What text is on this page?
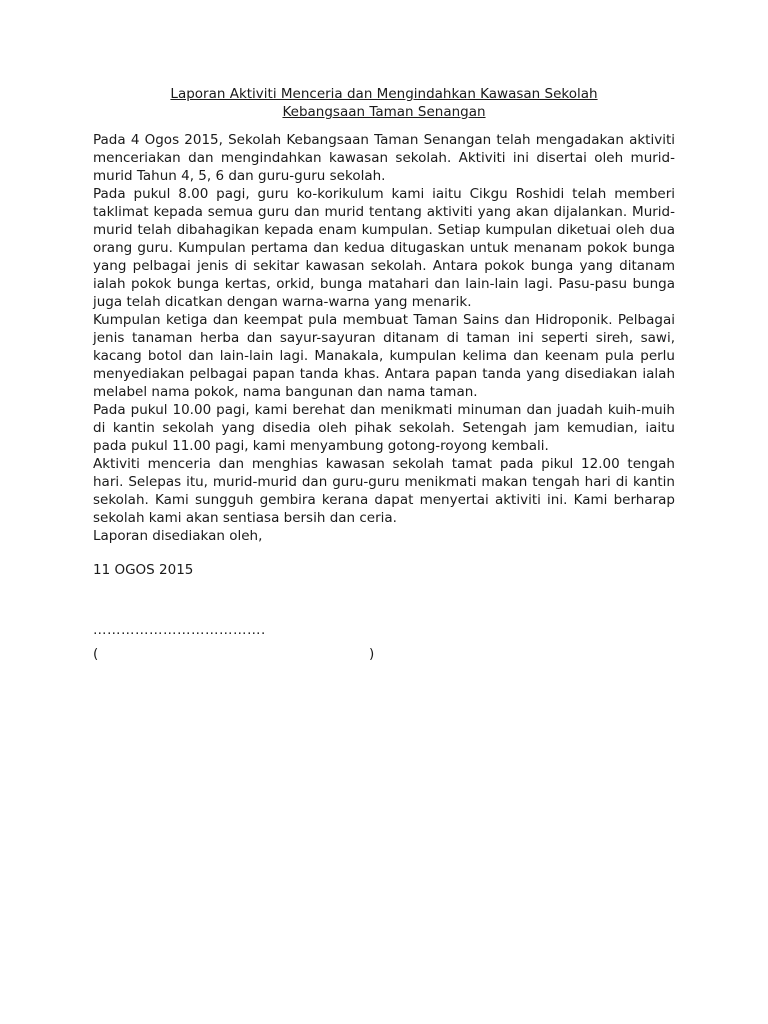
Laporan Aktiviti Menceria dan Mengindahkan Kawasan Sekolah
Kebangsaan Taman Senangan

Pada 4 Ogos 2015, Sekolah Kebangsaan Taman Senangan telah mengadakan aktiviti menceriakan dan mengindahkan kawasan sekolah. Aktiviti ini disertai oleh murid-murid Tahun 4, 5, 6 dan guru-guru sekolah.

Pada pukul 8.00 pagi, guru ko-korikulum kami iaitu Cikgu Roshidi telah memberi taklimat kepada semua guru dan murid tentang aktiviti yang akan dijalankan. Murid-murid telah dibahagikan kepada enam kumpulan. Setiap kumpulan diketuai oleh dua orang guru. Kumpulan pertama dan kedua ditugaskan untuk menanam pokok bunga yang pelbagai jenis di sekitar kawasan sekolah. Antara pokok bunga yang ditanam ialah pokok bunga kertas, orkid, bunga matahari dan lain-lain lagi. Pasu-pasu bunga juga telah dicatkan dengan warna-warna yang menarik.

Kumpulan ketiga dan keempat pula membuat Taman Sains dan Hidroponik. Pelbagai jenis tanaman herba dan sayur-sayuran ditanam di taman ini seperti sireh, sawi, kacang botol dan lain-lain lagi. Manakala, kumpulan kelima dan keenam pula perlu menyediakan pelbagai papan tanda khas. Antara papan tanda yang disediakan ialah melabel nama pokok, nama bangunan dan nama taman.

Pada pukul 10.00 pagi, kami berehat dan menikmati minuman dan juadah kuih-muih di kantin sekolah yang disedia oleh pihak sekolah. Setengah jam kemudian, iaitu pada pukul 11.00 pagi, kami menyambung gotong-royong kembali.

Aktiviti menceria dan menghias kawasan sekolah tamat pada pikul 12.00 tengah hari. Selepas itu, murid-murid dan guru-guru menikmati makan tengah hari di kantin sekolah. Kami sungguh gembira kerana dapat menyertai aktiviti ini. Kami berharap sekolah kami akan sentiasa bersih dan ceria.

Laporan disediakan oleh,

11 OGOS 2015

……………………………….

(	)
